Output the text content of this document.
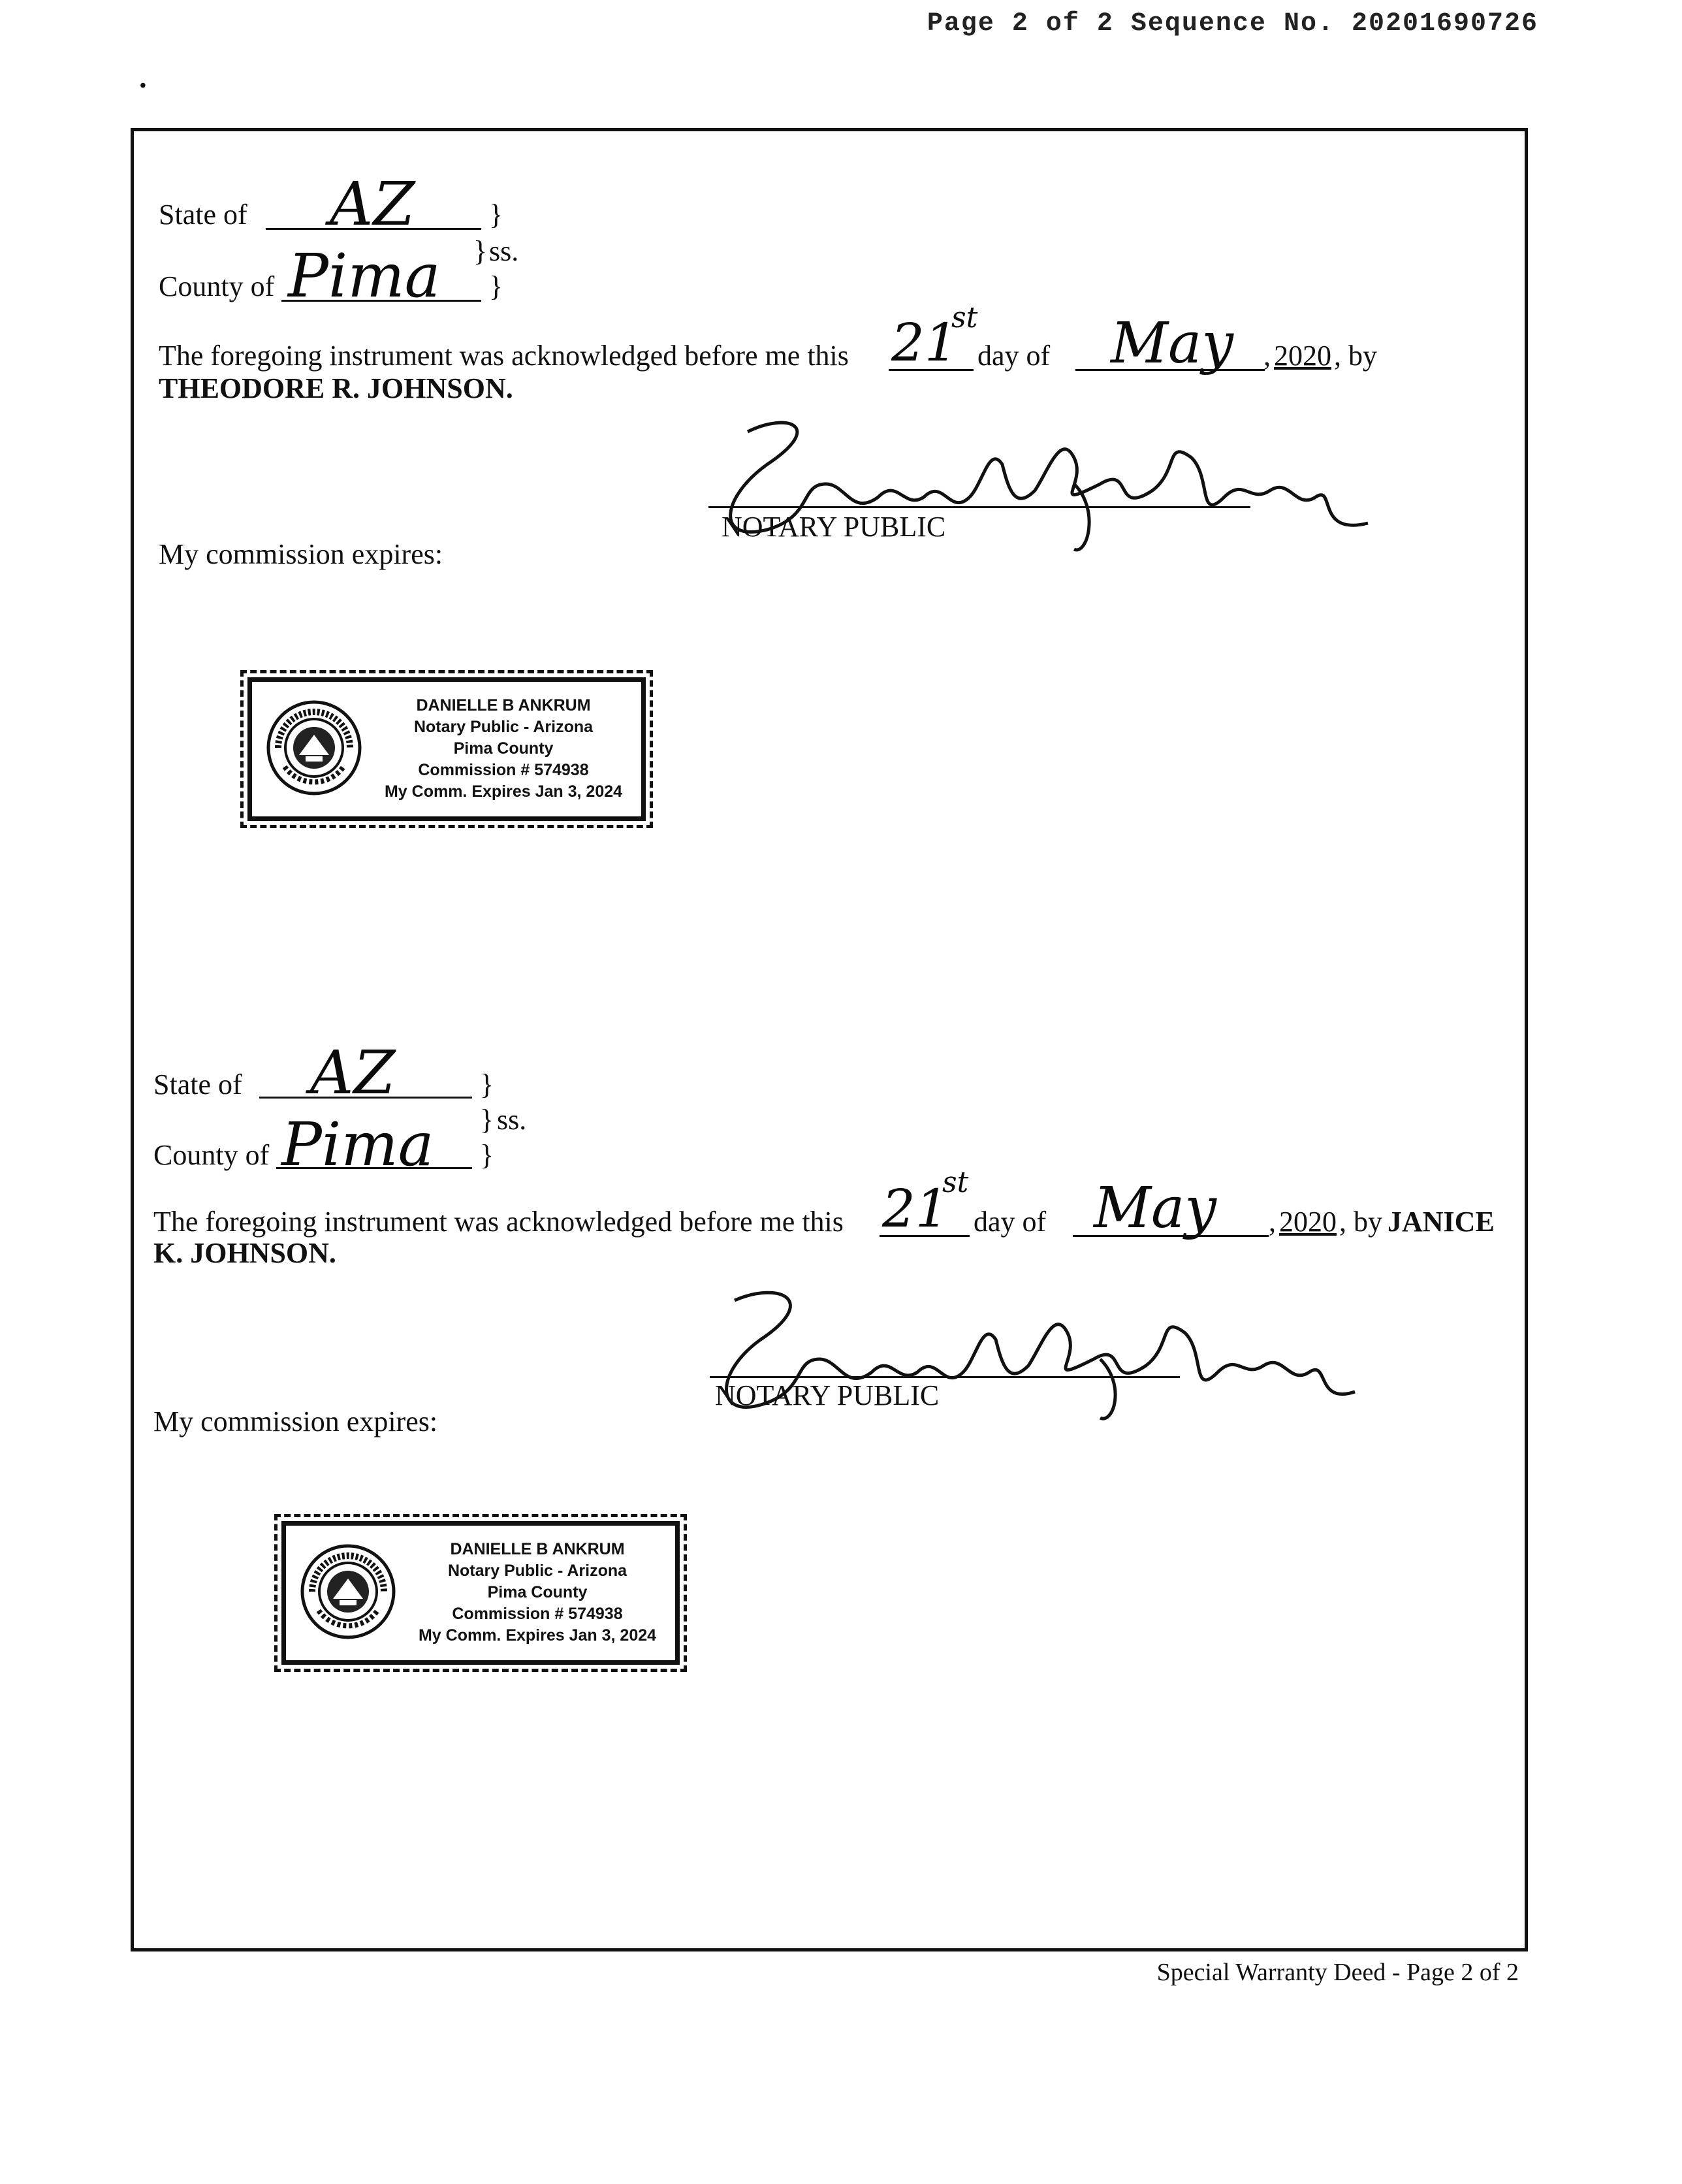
Page 2 of 2 Sequence No. 20201690726
•
State of AZ	}
ss.
}
County of Pima }
The foregoing instrument was acknowledged before me this 21
st
day of May , 2020 , by
THEODORE R. JOHNSON.
NOTARY PUBLIC
My commission expires:
DANIELLE B ANKRUM
Notary Public - Arizona
Pima County
Commission # 574938
My Comm. Expires Jan 3, 2024
State of AZ	}
} ss.
County of Pima }
The foregoing instrument was acknowledged before me this 21
st
day of May , 2020 , by JANICE
K. JOHNSON.
NOTARY PUBLIC
My commission expires:
DANIELLE B ANKRUM
Notary Public - Arizona
Pima County
Commission # 574938
My Comm. Expires Jan 3, 2024
Special Warranty Deed - Page 2 of 2
